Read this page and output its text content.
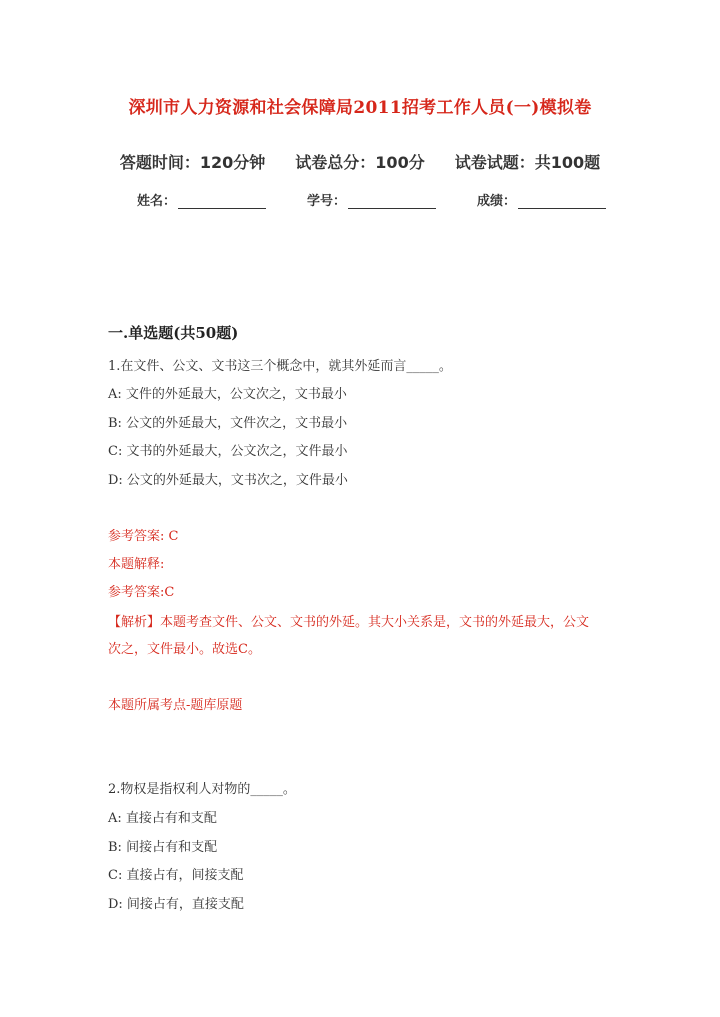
深圳市人力资源和社会保障局2011招考工作人员(一)模拟卷
答题时间：120分钟 试卷总分：100分 试卷试题：共100题
姓名：	学号：	成绩：
一.单选题(共50题)
1.在文件、公文、文书这三个概念中，就其外延而言_____。
A: 文件的外延最大，公文次之，文书最小
B: 公文的外延最大，文件次之，文书最小
C: 文书的外延最大，公文次之，文件最小
D: 公文的外延最大，文书次之，文件最小
参考答案: C
本题解释:
参考答案:C
【解析】本题考查文件、公文、文书的外延。其大小关系是，文书的外延最大，公文次之，文件最小。故选C。
本题所属考点-题库原题
2.物权是指权利人对物的_____。
A: 直接占有和支配
B: 间接占有和支配
C: 直接占有，间接支配
D: 间接占有，直接支配
